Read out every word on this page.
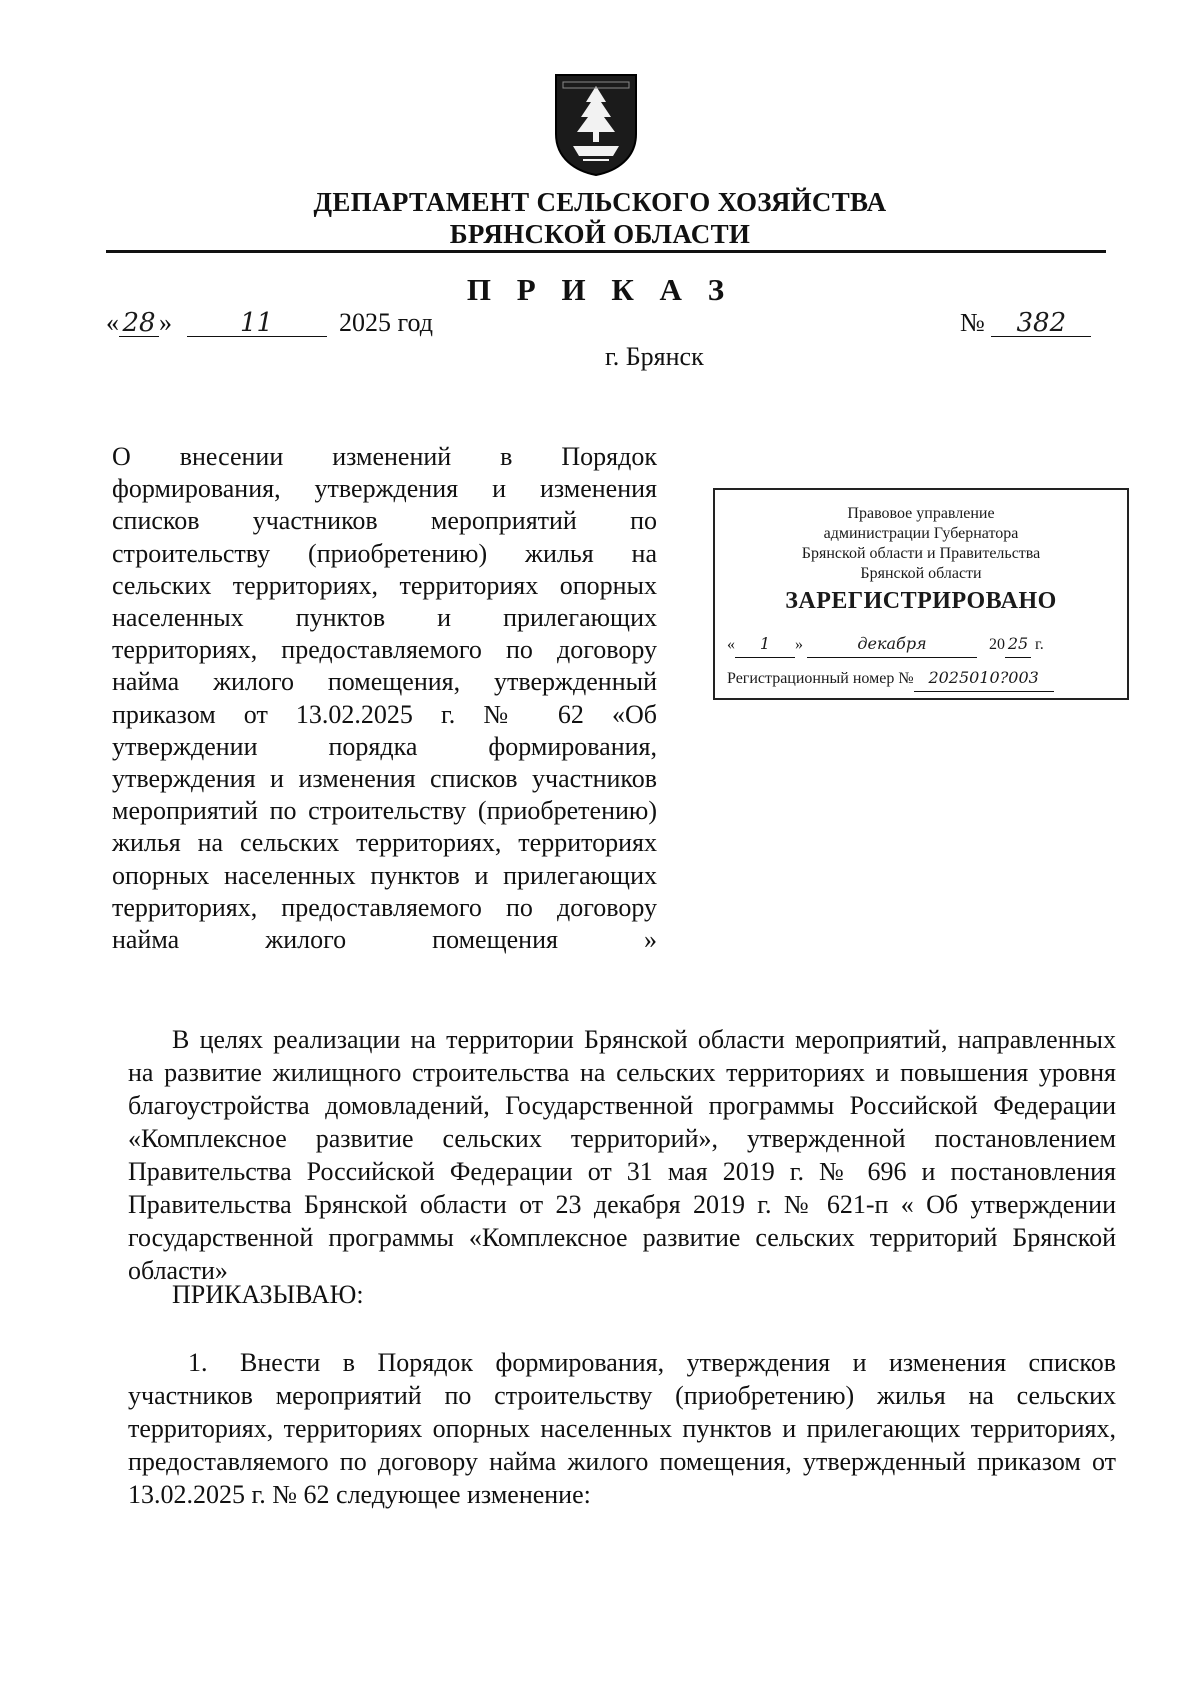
ДЕПАРТАМЕНТ СЕЛЬСКОГО ХОЗЯЙСТВА
БРЯНСКОЙ ОБЛАСТИ
П Р И К А З
« 28 »	11	2025 год	№ 382
г. Брянск
О внесении изменений в Порядок формирования, утверждения и изменения списков участников мероприятий по строительству (приобретению) жилья на сельских территориях, территориях опорных населенных пунктов и прилегающих территориях, предоставляемого по договору найма жилого помещения, утвержденный приказом от 13.02.2025 г. № 62 «Об утверждении порядка формирования, утверждения и изменения списков участников мероприятий по строительству (приобретению) жилья на сельских территориях, территориях опорных населенных пунктов и прилегающих территориях, предоставляемого по договору найма жилого помещения »
Правовое управление
администрации Губернатора
Брянской области и Правительства
Брянской области
ЗАРЕГИСТРИРОВАНО
« 1 »	декабря	20 25 г.
Регистрационный номер № 2025010?003
В целях реализации на территории Брянской области мероприятий, направленных на развитие жилищного строительства на сельских территориях и повышения уровня благоустройства домовладений, Государственной программы Российской Федерации «Комплексное развитие сельских территорий», утвержденной постановлением Правительства Российской Федерации от 31 мая 2019 г. № 696 и постановления Правительства Брянской области от 23 декабря 2019 г. № 621-п « Об утверждении государственной программы «Комплексное развитие сельских территорий Брянской области»
ПРИКАЗЫВАЮ:
1. Внести в Порядок формирования, утверждения и изменения списков участников мероприятий по строительству (приобретению) жилья на сельских территориях, территориях опорных населенных пунктов и прилегающих территориях, предоставляемого по договору найма жилого помещения, утвержденный приказом от 13.02.2025 г. № 62 следующее изменение:
